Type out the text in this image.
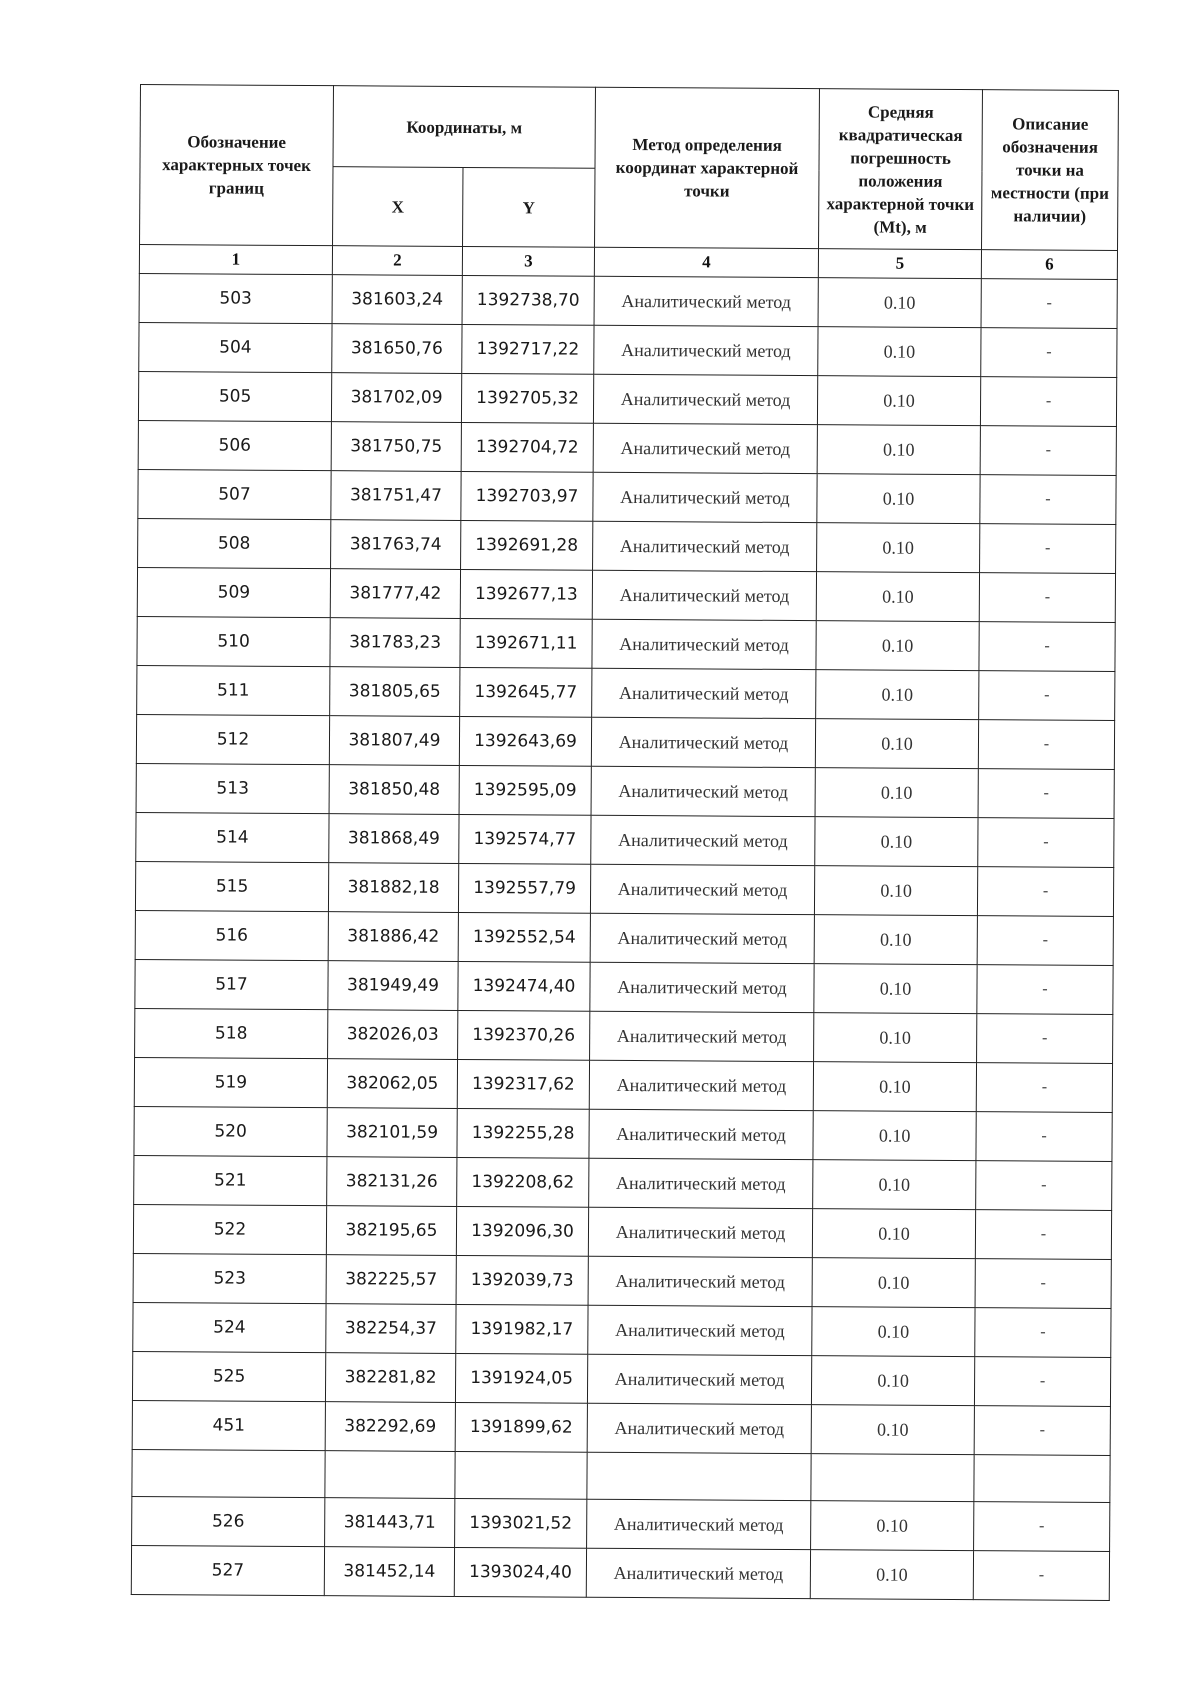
Обозначение характерных точек границ	Координаты, м		Метод определения координат характерной точки	Средняя квадратическая погрешность положения характерной точки (Mt), м	Описание обозначения точки на местности (при наличии)
	X	Y			
1	2	3	4	5	6
503	381603,24	1392738,70	Аналитический метод	0.10	-
504	381650,76	1392717,22	Аналитический метод	0.10	-
505	381702,09	1392705,32	Аналитический метод	0.10	-
506	381750,75	1392704,72	Аналитический метод	0.10	-
507	381751,47	1392703,97	Аналитический метод	0.10	-
508	381763,74	1392691,28	Аналитический метод	0.10	-
509	381777,42	1392677,13	Аналитический метод	0.10	-
510	381783,23	1392671,11	Аналитический метод	0.10	-
511	381805,65	1392645,77	Аналитический метод	0.10	-
512	381807,49	1392643,69	Аналитический метод	0.10	-
513	381850,48	1392595,09	Аналитический метод	0.10	-
514	381868,49	1392574,77	Аналитический метод	0.10	-
515	381882,18	1392557,79	Аналитический метод	0.10	-
516	381886,42	1392552,54	Аналитический метод	0.10	-
517	381949,49	1392474,40	Аналитический метод	0.10	-
518	382026,03	1392370,26	Аналитический метод	0.10	-
519	382062,05	1392317,62	Аналитический метод	0.10	-
520	382101,59	1392255,28	Аналитический метод	0.10	-
521	382131,26	1392208,62	Аналитический метод	0.10	-
522	382195,65	1392096,30	Аналитический метод	0.10	-
523	382225,57	1392039,73	Аналитический метод	0.10	-
524	382254,37	1391982,17	Аналитический метод	0.10	-
525	382281,82	1391924,05	Аналитический метод	0.10	-
451	382292,69	1391899,62	Аналитический метод	0.10	-

526	381443,71	1393021,52	Аналитический метод	0.10	-
527	381452,14	1393024,40	Аналитический метод	0.10	-
